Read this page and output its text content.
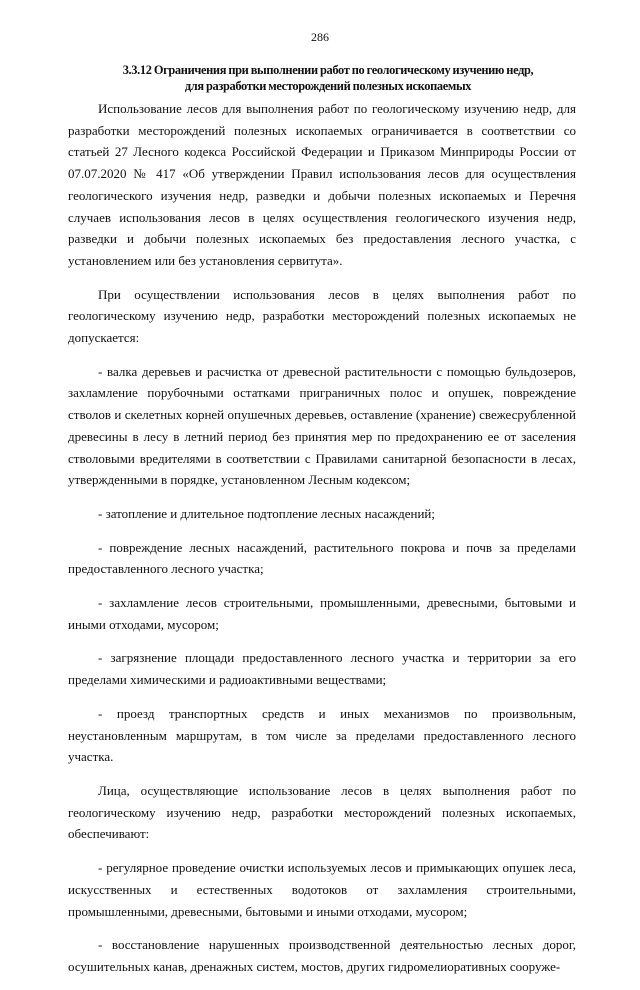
286
3.3.12 Ограничения при выполнении работ по геологическому изучению недр,
для разработки месторождений полезных ископаемых

Использование лесов для выполнения работ по геологическому изучению недр, для разработки месторождений полезных ископаемых ограничивается в соответствии со статьей 27 Лесного кодекса Российской Федерации и Приказом Минприроды России от 07.07.2020 № 417 «Об утверждении Правил использования лесов для осуществления геологического изучения недр, разведки и добычи полезных ископаемых и Перечня случаев использования лесов в целях осуществления геологического изучения недр, разведки и добычи полезных ископаемых без предоставления лесного участка, с установлением или без установления сервитута».

При осуществлении использования лесов в целях выполнения работ по геологическому изучению недр, разработки месторождений полезных ископаемых не допускается:

- валка деревьев и расчистка от древесной растительности с помощью бульдозеров, захламление порубочными остатками приграничных полос и опушек, повреждение стволов и скелетных корней опушечных деревьев, оставление (хранение) свежесрубленной древесины в лесу в летний период без принятия мер по предохранению ее от заселения стволовыми вредителями в соответствии с Правилами санитарной безопасности в лесах, утвержденными в порядке, установленном Лесным кодексом;

- затопление и длительное подтопление лесных насаждений;

- повреждение лесных насаждений, растительного покрова и почв за пределами предоставленного лесного участка;

- захламление лесов строительными, промышленными, древесными, бытовыми и иными отходами, мусором;

- загрязнение площади предоставленного лесного участка и территории за его пределами химическими и радиоактивными веществами;

- проезд транспортных средств и иных механизмов по произвольным, неустановленным маршрутам, в том числе за пределами предоставленного лесного участка.

Лица, осуществляющие использование лесов в целях выполнения работ по геологическому изучению недр, разработки месторождений полезных ископаемых, обеспечивают:

- регулярное проведение очистки используемых лесов и примыкающих опушек леса, искусственных и естественных водотоков от захламления строительными, промышленными, древесными, бытовыми и иными отходами, мусором;

- восстановление нарушенных производственной деятельностью лесных дорог, осушительных канав, дренажных систем, мостов, других гидромелиоративных сооруже-
